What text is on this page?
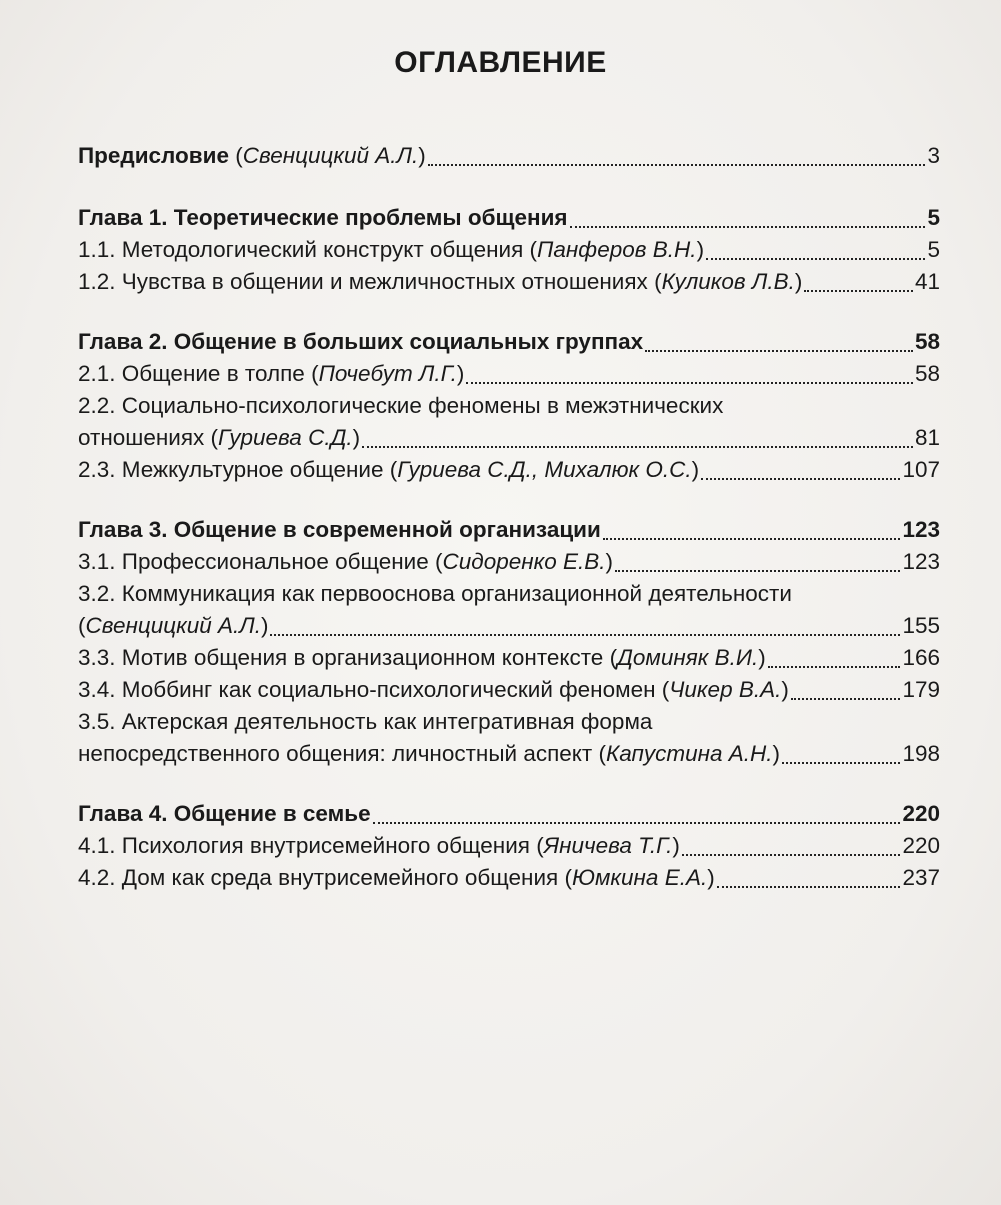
ОГЛАВЛЕНИЕ
Предисловие (Свенцицкий А.Л.)	3
Глава 1. Теоретические проблемы общения	5
1.1. Методологический конструкт общения (Панферов В.Н.)	5
1.2. Чувства в общении и межличностных отношениях (Куликов Л.В.)	41
Глава 2. Общение в больших социальных группах	58
2.1. Общение в толпе (Почебут Л.Г.)	58
2.2. Социально-психологические феномены в межэтнических
отношениях (Гуриева С.Д.)	81
2.3. Межкультурное общение (Гуриева С.Д., Михалюк О.С.)	107
Глава 3. Общение в современной организации	123
3.1. Профессиональное общение (Сидоренко Е.В.)	123
3.2. Коммуникация как первооснова организационной деятельности
(Свенцицкий А.Л.)	155
3.3. Мотив общения в организационном контексте (Доминяк В.И.)	166
3.4. Моббинг как социально-психологический феномен (Чикер В.А.)	179
3.5. Актерская деятельность как интегративная форма
непосредственного общения: личностный аспект (Капустина А.Н.)	198
Глава 4. Общение в семье	220
4.1. Психология внутрисемейного общения (Яничева Т.Г.)	220
4.2. Дом как среда внутрисемейного общения (Юмкина Е.А.)	237
